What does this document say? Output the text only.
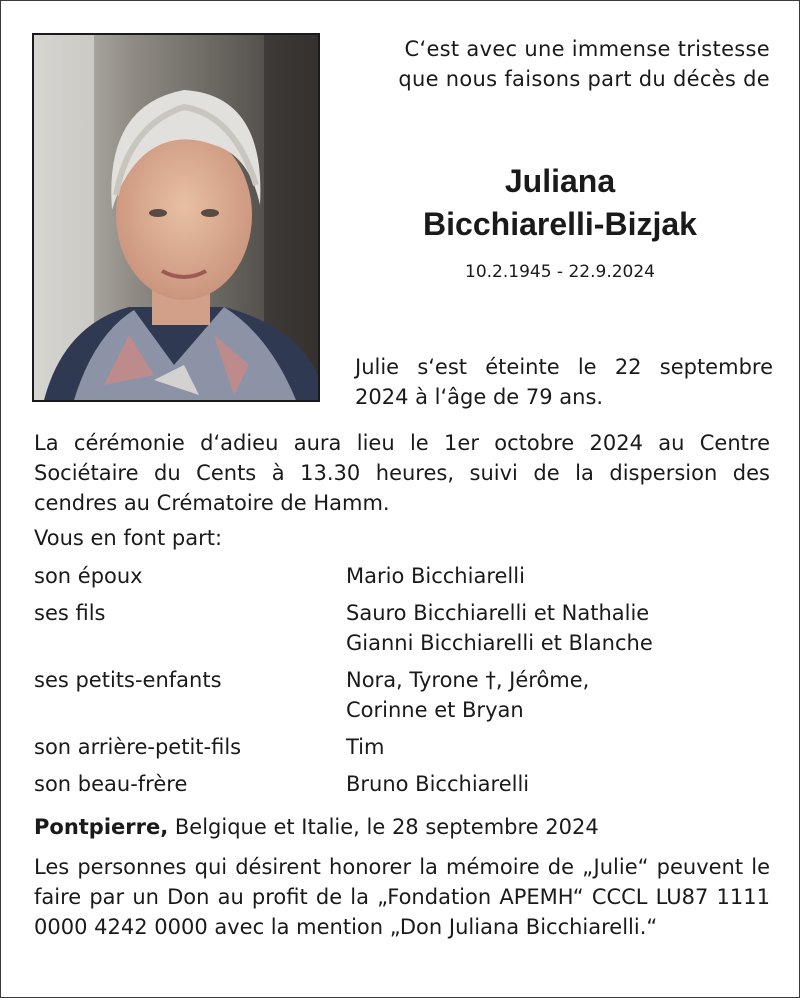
C‘est avec une immense tristesse
que nous faisons part du décès de
Juliana
Bicchiarelli-Bizjak
10.2.1945 - 22.9.2024
Julie s‘est éteinte le 22 septembre 2024 à l‘âge de 79 ans.
La cérémonie d‘adieu aura lieu le 1er octobre 2024 au Centre Sociétaire du Cents à 13.30 heures, suivi de la dispersion des cendres au Crématoire de Hamm.
Vous en font part:
son époux	Mario Bicchiarelli
ses fils	Sauro Bicchiarelli et Nathalie
Gianni Bicchiarelli et Blanche
ses petits-enfants	Nora, Tyrone †, Jérôme,
Corinne et Bryan
son arrière-petit-fils	Tim
son beau-frère	Bruno Bicchiarelli
Pontpierre, Belgique et Italie, le 28 septembre 2024
Les personnes qui désirent honorer la mémoire de „Julie“ peuvent le faire par un Don au profit de la „Fondation APEMH“ CCCL LU87 1111 0000 4242 0000 avec la mention „Don Juliana Bicchiarelli.“
